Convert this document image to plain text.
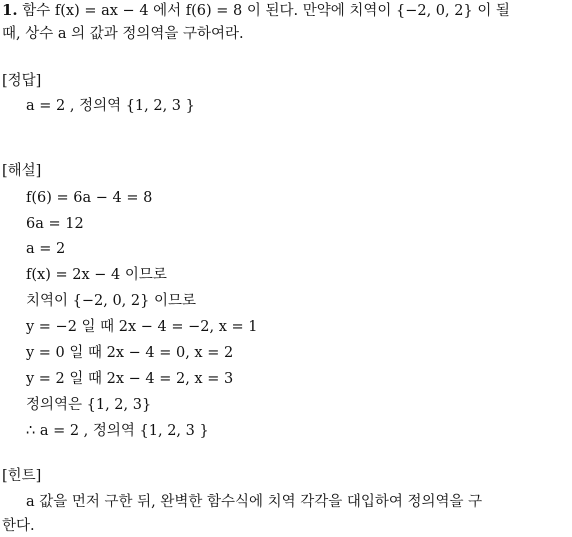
1. 함수 f(x) = ax − 4 에서 f(6) = 8 이 된다. 만약에 치역이 {−2, 0, 2} 이 될
때, 상수 a 의 값과 정의역을 구하여라.
[정답]
a = 2 , 정의역 {1, 2, 3 }
[해설]
f(6) = 6a − 4 = 8
6a = 12
a = 2
f(x) = 2x − 4 이므로
치역이 {−2, 0, 2} 이므로
y = −2 일 때 2x − 4 = −2, x = 1
y = 0 일 때 2x − 4 = 0, x = 2
y = 2 일 때 2x − 4 = 2, x = 3
정의역은 {1, 2, 3}
∴ a = 2 , 정의역 {1, 2, 3 }
[힌트]
a 값을 먼저 구한 뒤, 완벽한 함수식에 치역 각각을 대입하여 정의역을 구
한다.
